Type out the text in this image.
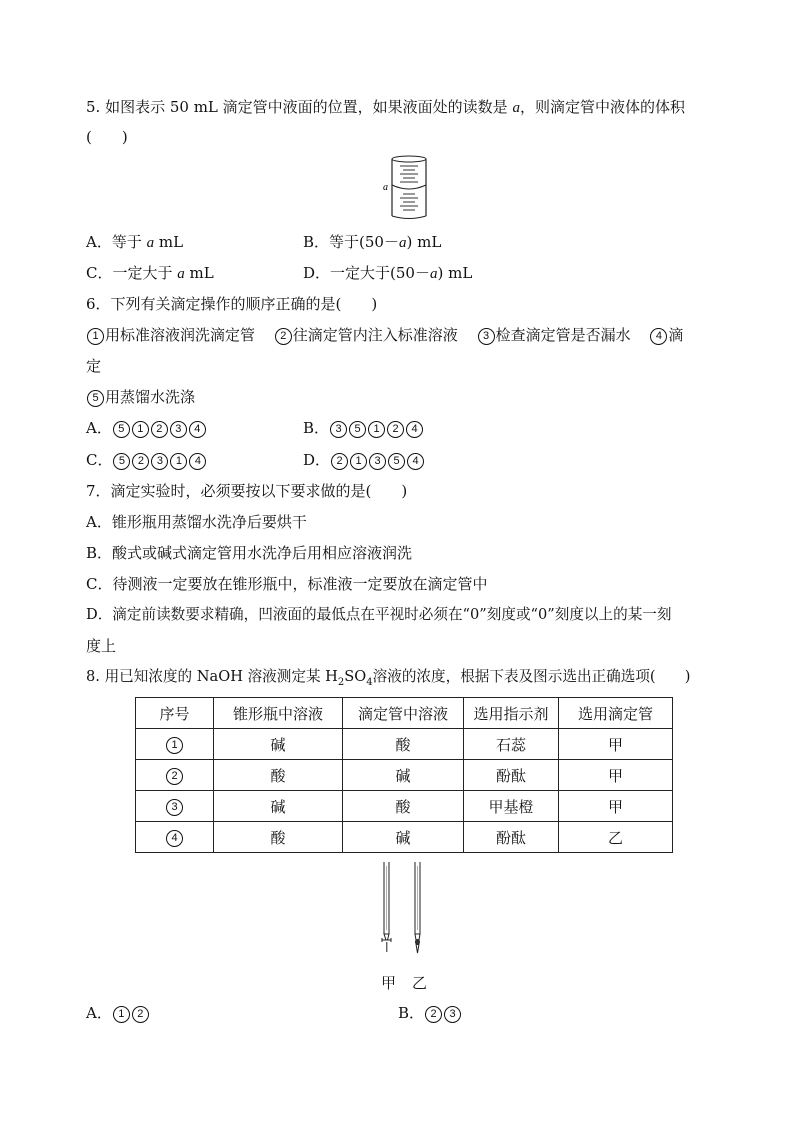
5. 如图表示 50 mL 滴定管中液面的位置，如果液面处的读数是 a，则滴定管中液体的体积
(　　)
a
A．等于 a mL	B．等于(50－a) mL
C．一定大于 a mL	D．一定大于(50－a) mL
6．下列有关滴定操作的顺序正确的是(　　)
1 用标准溶液润洗滴定管 2 往滴定管内注入标准溶液 3 检查滴定管是否漏水 4 滴
定
5 用蒸馏水洗涤
A． 5 1 2 3 4	B． 3 5 1 2 4
C． 5 2 3 1 4	D． 2 1 3 5 4
7．滴定实验时，必须要按以下要求做的是(　　)
A．锥形瓶用蒸馏水洗净后要烘干
B．酸式或碱式滴定管用水洗净后用相应溶液润洗
C．待测液一定要放在锥形瓶中，标准液一定要放在滴定管中
D．滴定前读数要求精确，凹液面的最低点在平视时必须在“0”刻度或“0”刻度以上的某一刻
度上
8. 用已知浓度的 NaOH 溶液测定某 $H_2SO_4$溶液的浓度，根据下表及图示选出正确选项(　　)
序号	锥形瓶中溶液	滴定管中溶液	选用指示剂	选用滴定管
1	碱	酸	石蕊	甲
2	酸	碱	酚酞	甲
3	碱	酸	甲基橙	甲
4	酸	碱	酚酞	乙
甲 乙
A． 1 2	B． 2 3
